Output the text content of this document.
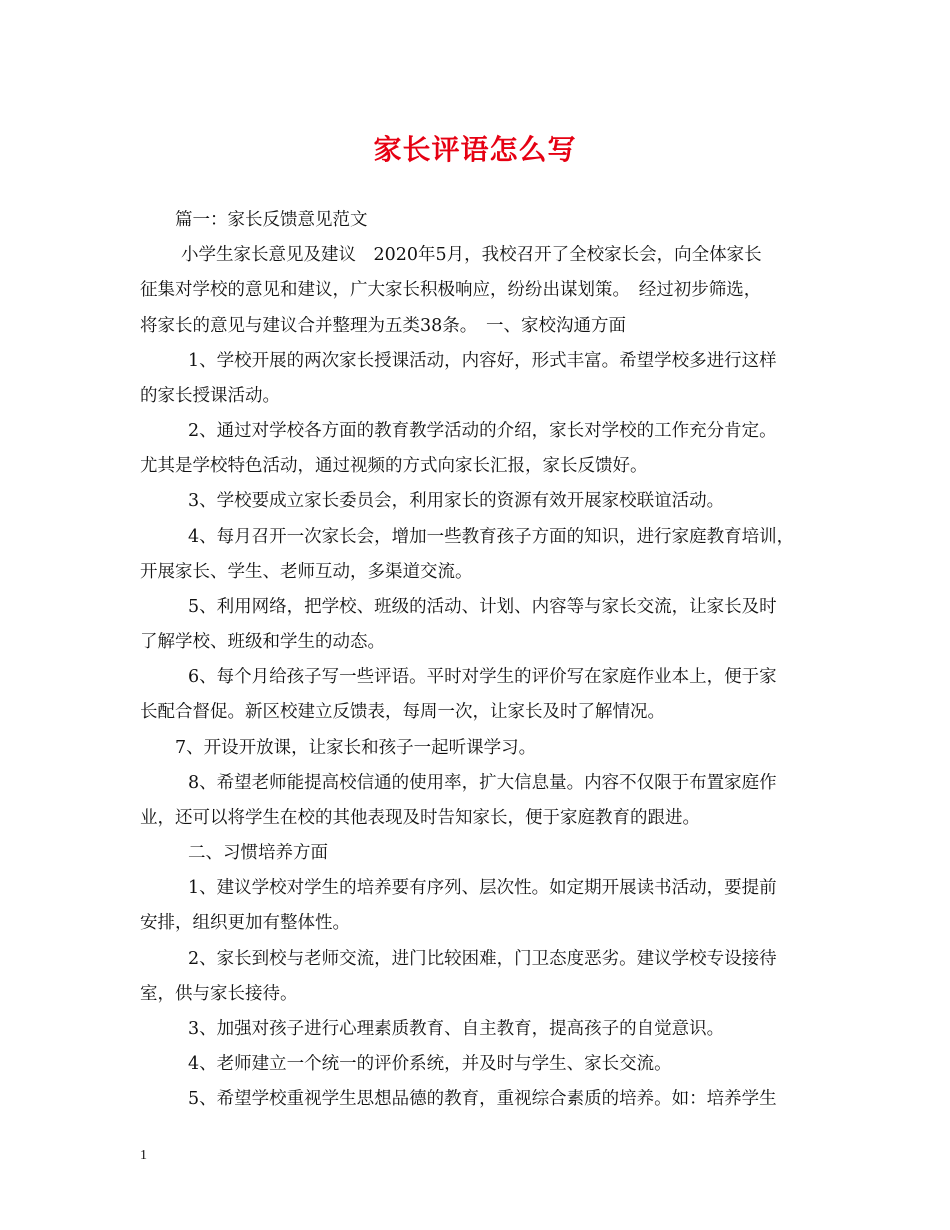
家长评语怎么写
篇一：家长反馈意见范文
小学生家长意见及建议　2020年5月，我校召开了全校家长会，向全体家长
征集对学校的意见和建议，广大家长积极响应，纷纷出谋划策。　经过初步筛选，
将家长的意见与建议合并整理为五类38条。　一、家校沟通方面
1、学校开展的两次家长授课活动，内容好，形式丰富。希望学校多进行这样
的家长授课活动。
2、通过对学校各方面的教育教学活动的介绍，家长对学校的工作充分肯定。
尤其是学校特色活动，通过视频的方式向家长汇报，家长反馈好。
3、学校要成立家长委员会，利用家长的资源有效开展家校联谊活动。
4、每月召开一次家长会，增加一些教育孩子方面的知识，进行家庭教育培训，
开展家长、学生、老师互动，多渠道交流。
5、利用网络，把学校、班级的活动、计划、内容等与家长交流，让家长及时
了解学校、班级和学生的动态。
6、每个月给孩子写一些评语。平时对学生的评价写在家庭作业本上，便于家
长配合督促。新区校建立反馈表，每周一次，让家长及时了解情况。
7、开设开放课，让家长和孩子一起听课学习。
8、希望老师能提高校信通的使用率，扩大信息量。内容不仅限于布置家庭作
业，还可以将学生在校的其他表现及时告知家长，便于家庭教育的跟进。
二、习惯培养方面
1、建议学校对学生的培养要有序列、层次性。如定期开展读书活动，要提前
安排，组织更加有整体性。
2、家长到校与老师交流，进门比较困难，门卫态度恶劣。建议学校专设接待
室，供与家长接待。
3、加强对孩子进行心理素质教育、自主教育，提高孩子的自觉意识。
4、老师建立一个统一的评价系统，并及时与学生、家长交流。
5、希望学校重视学生思想品德的教育，重视综合素质的培养。如：培养学生
1
